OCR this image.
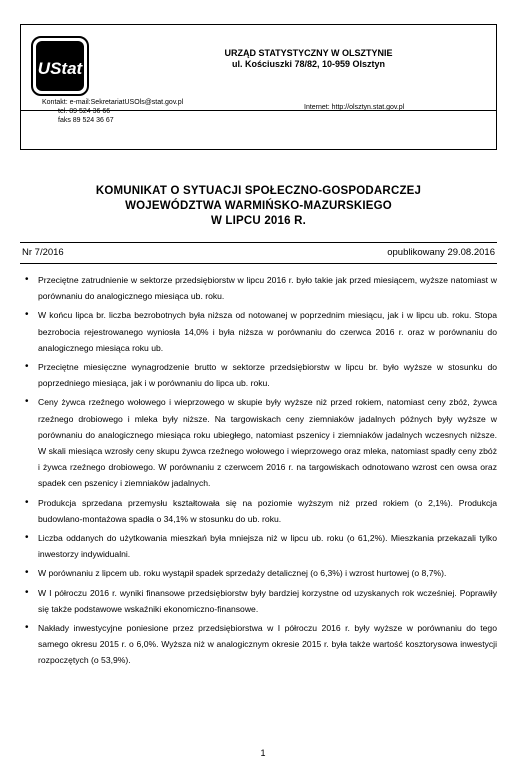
UStat
URZĄD STATYSTYCZNY W OLSZTYNIE
ul. Kościuszki 78/82, 10-959 Olsztyn
Kontakt: e-mail:SekretariatUSOls@stat.gov.pl
tel. 89 524 36 66
faks 89 524 36 67
Internet: http://olsztyn.stat.gov.pl
KOMUNIKAT O SYTUACJI SPOŁECZNO-GOSPODARCZEJ
WOJEWÓDZTWA WARMIŃSKO-MAZURSKIEGO
W LIPCU 2016 R.
Nr 7/2016	opublikowany 29.08.2016
• Przeciętne zatrudnienie w sektorze przedsiębiorstw w lipcu 2016 r. było takie jak przed miesiącem, wyższe natomiast w porównaniu do analogicznego miesiąca ub. roku.
• W końcu lipca br. liczba bezrobotnych była niższa od notowanej w poprzednim miesiącu, jak i w lipcu ub. roku. Stopa bezrobocia rejestrowanego wyniosła 14,0% i była niższa w porównaniu do czerwca 2016 r. oraz w porównaniu do analogicznego miesiąca roku ub.
• Przeciętne miesięczne wynagrodzenie brutto w sektorze przedsiębiorstw w lipcu br. było wyższe w stosunku do poprzedniego miesiąca, jak i w porównaniu do lipca ub. roku.
• Ceny żywca rzeźnego wołowego i wieprzowego w skupie były wyższe niż przed rokiem, natomiast ceny zbóż, żywca rzeźnego drobiowego i mleka były niższe. Na targowiskach ceny ziemniaków jadalnych późnych były wyższe w porównaniu do analogicznego miesiąca roku ubiegłego, natomiast pszenicy i ziemniaków jadalnych wczesnych niższe. W skali miesiąca wzrosły ceny skupu żywca rzeźnego wołowego i wieprzowego oraz mleka, natomiast spadły ceny zbóż i żywca rzeźnego drobiowego. W porównaniu z czerwcem 2016 r. na targowiskach odnotowano wzrost cen owsa oraz spadek cen pszenicy i ziemniaków jadalnych.
• Produkcja sprzedana przemysłu kształtowała się na poziomie wyższym niż przed rokiem (o 2,1%). Produkcja budowlano-montażowa spadła o 34,1% w stosunku do ub. roku.
• Liczba oddanych do użytkowania mieszkań była mniejsza niż w lipcu ub. roku (o 61,2%). Mieszkania przekazali tylko inwestorzy indywidualni.
• W porównaniu z lipcem ub. roku wystąpił spadek sprzedaży detalicznej (o 6,3%) i wzrost hurtowej (o 8,7%).
• W I półroczu 2016 r. wyniki finansowe przedsiębiorstw były bardziej korzystne od uzyskanych rok wcześniej. Poprawiły się także podstawowe wskaźniki ekonomiczno-finansowe.
• Nakłady inwestycyjne poniesione przez przedsiębiorstwa w I półroczu 2016 r. były wyższe w porównaniu do tego samego okresu 2015 r. o 6,0%. Wyższa niż w analogicznym okresie 2015 r. była także wartość kosztorysowa inwestycji rozpoczętych (o 53,9%).
1
